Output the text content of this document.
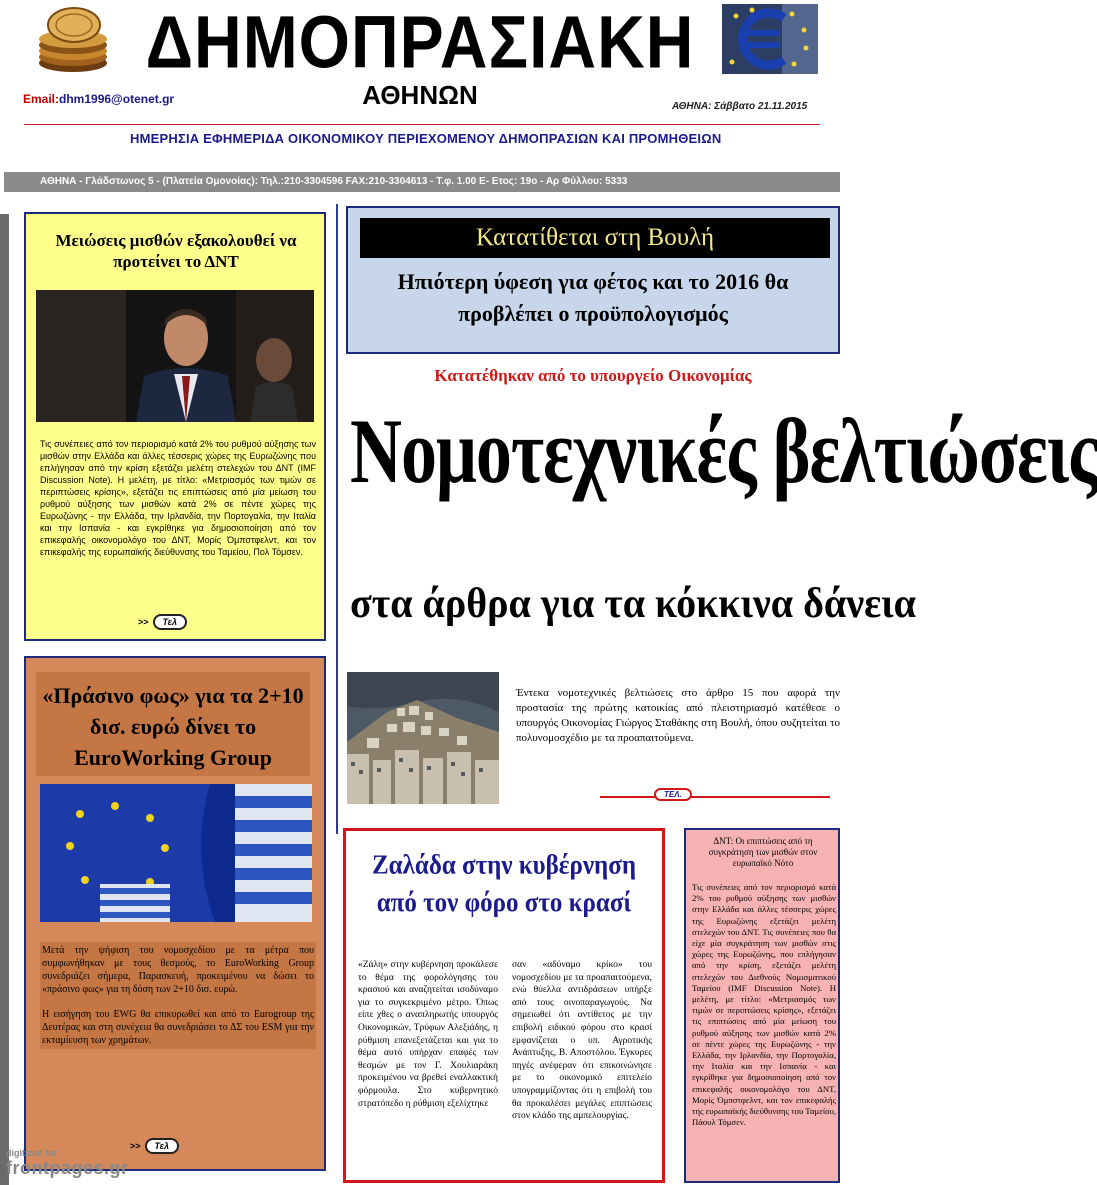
ΔΗΜΟΠΡΑΣΙΑΚΗ
ΑΘΗΝΩΝ
Email:dhm1996@otenet.gr
ΑΘΗΝΑ: Σάββατο 21.11.2015
ΗΜΕΡΗΣΙΑ ΕΦΗΜΕΡΙΔΑ ΟΙΚΟΝΟΜΙΚΟΥ ΠΕΡΙΕΧΟΜΕΝΟΥ ΔΗΜΟΠΡΑΣΙΩΝ ΚΑΙ ΠΡΟΜΗΘΕΙΩΝ
ΑΘΗΝΑ - Γλάδστωνος 5 - (Πλατεία Ομονοίας): Τηλ.:210-3304596 FAX:210-3304613 - Τ.φ. 1.00 E- Ετος: 19ο - Αρ Φύλλου: 5333
Μειώσεις μισθών εξακολουθεί να προτείνει το ΔΝΤ
Τις συνέπειες από τον περιορισμό κατά 2% του ρυθμού αύξησης των μισθών στην Ελλάδα και άλλες τέσσερις χώρες της Ευρωζώνης που επλήγησαν από την κρίση εξετάζει μελέτη στελεχών του ΔΝΤ (IMF Discussion Note). Η μελέτη, με τίτλο: «Μετριασμός των τιμών σε περιπτώσεις κρίσης», εξετάζει τις επιπτώσεις από μία μείωση του ρυθμού αύξησης των μισθών κατά 2% σε πέντε χώρες της Ευρωζώνης - την Ελλάδα, την Ιρλανδία, την Πορτογαλία, την Ιταλία και την Ισπανία - και εγκρίθηκε για δημοσιοποίηση από τον επικεφαλής οικονομολόγο του ΔΝΤ, Μορίς Όμπστφελντ, και τον επικεφαλής της ευρωπαϊκής διεύθυνσης του Ταμείου, Πολ Τόμσεν.
>> Τελ
«Πράσινο φως» για τα 2+10 δισ. ευρώ δίνει το EuroWorking Group

Μετά την ψήφιση του νομοσχεδίου με τα μέτρα που συμφωνήθηκαν με τους θεσμούς, το EuroWorking Group συνεδριάζει σήμερα, Παρασκευή, προκειμένου να δώσει το «πράσινο φως» για τη δόση των 2+10 δισ. ευρώ.

Η εισήγηση του EWG θα επικυρωθεί και από το Eurogroup της Δευτέρας και στη συνέχεια θα συνεδριάσει το ΔΣ του ESM για την εκταμίευση των χρημάτων.

>> Τελ
Κατατίθεται στη Βουλή
Ηπιότερη ύφεση για φέτος και το 2016 θα προβλέπει ο προϋπολογισμός
Κατατέθηκαν από το υπουργείο Οικονομίας
Νομοτεχνικές βελτιώσεις
στα άρθρα για τα κόκκινα δάνεια
Έντεκα νομοτεχνικές βελτιώσεις στο άρθρο 15 που αφορά την προστασία της πρώτης κατοικίας από πλειστηριασμό κατέθεσε ο υπουργός Οικονομίας Γιώργος Σταθάκης στη Βουλή, όπου συζητείται το πολυνομοσχέδιο με τα προαπαιτούμενα.
ΤΕΛ.
Ζαλάδα στην κυβέρνηση από τον φόρο στο κρασί
«Ζάλη» στην κυβέρνηση προκάλεσε το θέμα της φορολόγησης του κρασιού και αναζητείται ισοδύναμο για το συγκεκριμένο μέτρο. Όπως είπε χθες ο αναπληρωτής υπουργός Οικονομικών, Τρύφων Αλεξιάδης, η ρύθμιση επανεξετάζεται και για το θέμα αυτό υπήρχαν επαφές των θεσμών με τον Γ. Χουλιαράκη προκειμένου να βρεθεί εναλλακτική φόρμουλα. Στο κυβερνητικό στρατόπεδο η ρύθμιση εξελίχτηκε
σαν «αδύναμο κρίκο» του νομοσχεδίου με τα προαπαιτούμενα, ενώ θύελλα αντιδράσεων υπήρξε από τους οινοπαραγωγούς. Να σημειωθεί ότι αντίθετος με την επιβολή ειδικού φόρου στο κρασί εμφανίζεται ο υπ. Αγροτικής Ανάπτυξης, Β. Αποστόλου. Έγκυρες πηγές ανέφεραν ότι επικοινώνησε με το οικονομικό επιτελείο υπογραμμίζοντας ότι η επιβολή του θα προκαλέσει μεγάλες επιπτώσεις στον κλάδο της αμπελουργίας.
ΔΝΤ: Οι επιπτώσεις από τη συγκράτηση των μισθών στον ευρωπαϊκό Νότο
Τις συνέπειες από τον περιορισμό κατά 2% του ρυθμού αύξησης των μισθών στην Ελλάδα και άλλες τέσσερις χώρες της Ευρωζώνης εξετάζει μελέτη στελεχών του ΔΝΤ. Τις συνέπειες που θα είχε μία συγκράτηση των μισθών στις χώρες της Ευρωζώνης, που επλήγησαν από την κρίση, εξετάζει μελέτη στελεχών του Διεθνούς Νομισματικού Ταμείου (IMF Discussion Note). Η μελέτη, με τίτλο: «Μετριασμός των τιμών σε περιπτώσεις κρίσης», εξετάζει τις επιπτώσεις από μία μείωση του ρυθμού αύξησης των μισθών κατά 2% σε πέντε χώρες της Ευρωζώνης - την Ελλάδα, την Ιρλανδία, την Πορτογαλία, την Ιταλία και την Ισπανία - και εγκρίθηκε για δημοσιοποίηση από τον επικεφαλής οικονομολόγο του ΔΝΤ, Μορίς Όμπστφελντ, και τον επικεφαλής της ευρωπαϊκής διεύθυνσης του Ταμείου, Πάουλ Τόμσεν.
digitized for
frontpages.gr
